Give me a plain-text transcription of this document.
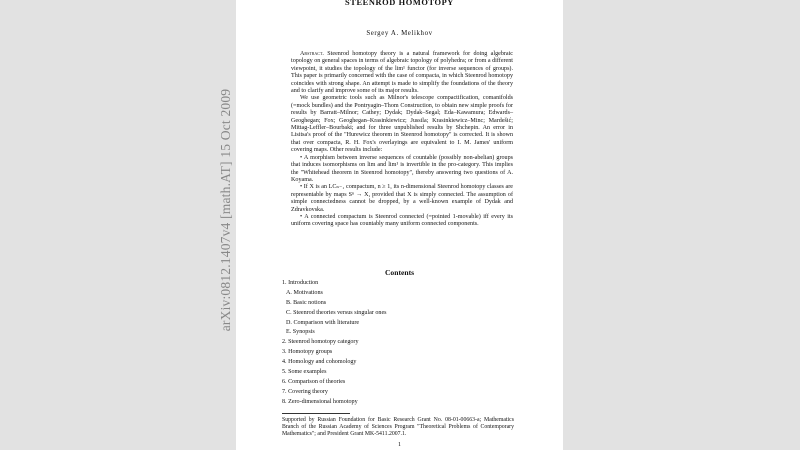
arXiv:0812.1407v4 [math.AT] 15 Oct 2009
STEENROD HOMOTOPY
Sergey A. Melikhov

Abstract. Steenrod homotopy theory is a natural framework for doing algebraic topology on general spaces in terms of algebraic topology of polyhedra; or from a different viewpoint, it studies the topology of the lim¹ functor (for inverse sequences of groups). This paper is primarily concerned with the case of compacta, in which Steenrod homotopy coincides with strong shape. An attempt is made to simplify the foundations of the theory and to clarify and improve some of its major results.

We use geometric tools such as Milnor's telescope compactification, comanifolds (=mock bundles) and the Pontryagin–Thom Construction, to obtain new simple proofs for results by Barratt–Milnor; Cathey; Dydak; Dydak–Segal; Eda–Kawamura; Edwards–Geoghegan; Fox; Geoghegan–Krasinkiewicz; Jussila; Krasinkiewicz–Minc; Mardešić; Mittag-Leffler–Bourbaki; and for three unpublished results by Shchepin. An error in Lisitsa's proof of the "Hurewicz theorem in Steenrod homotopy" is corrected. It is shown that over compacta, R. H. Fox's overlayings are equivalent to I. M. James' uniform covering maps. Other results include:

• A morphism between inverse sequences of countable (possibly non-abelian) groups that induces isomorphisms on lim and lim¹ is invertible in the pro-category. This implies the "Whitehead theorem in Steenrod homotopy", thereby answering two questions of A. Koyama.

• If X is an LCₙ₋₁ compactum, n ≥ 1, its n-dimensional Steenrod homotopy classes are representable by maps Sⁿ → X, provided that X is simply connected. The assumption of simple connectedness cannot be dropped, by a well-known example of Dydak and Zdravkovska.

• A connected compactum is Steenrod connected (=pointed 1-movable) iff every its uniform covering space has countably many uniform connected components.

Contents
1. Introduction
A. Motivations
B. Basic notions
C. Steenrod theories versus singular ones
D. Comparison with literature
E. Synopsis
2. Steenrod homotopy category
3. Homotopy groups
4. Homology and cohomology
5. Some examples
6. Comparison of theories
7. Covering theory
8. Zero-dimensional homotopy
Supported by Russian Foundation for Basic Research Grant No. 08-01-00663-a; Mathematics Branch of the Russian Academy of Sciences Program "Theoretical Problems of Contemporary Mathematics"; and President Grant MK-5411.2007.1.
1
